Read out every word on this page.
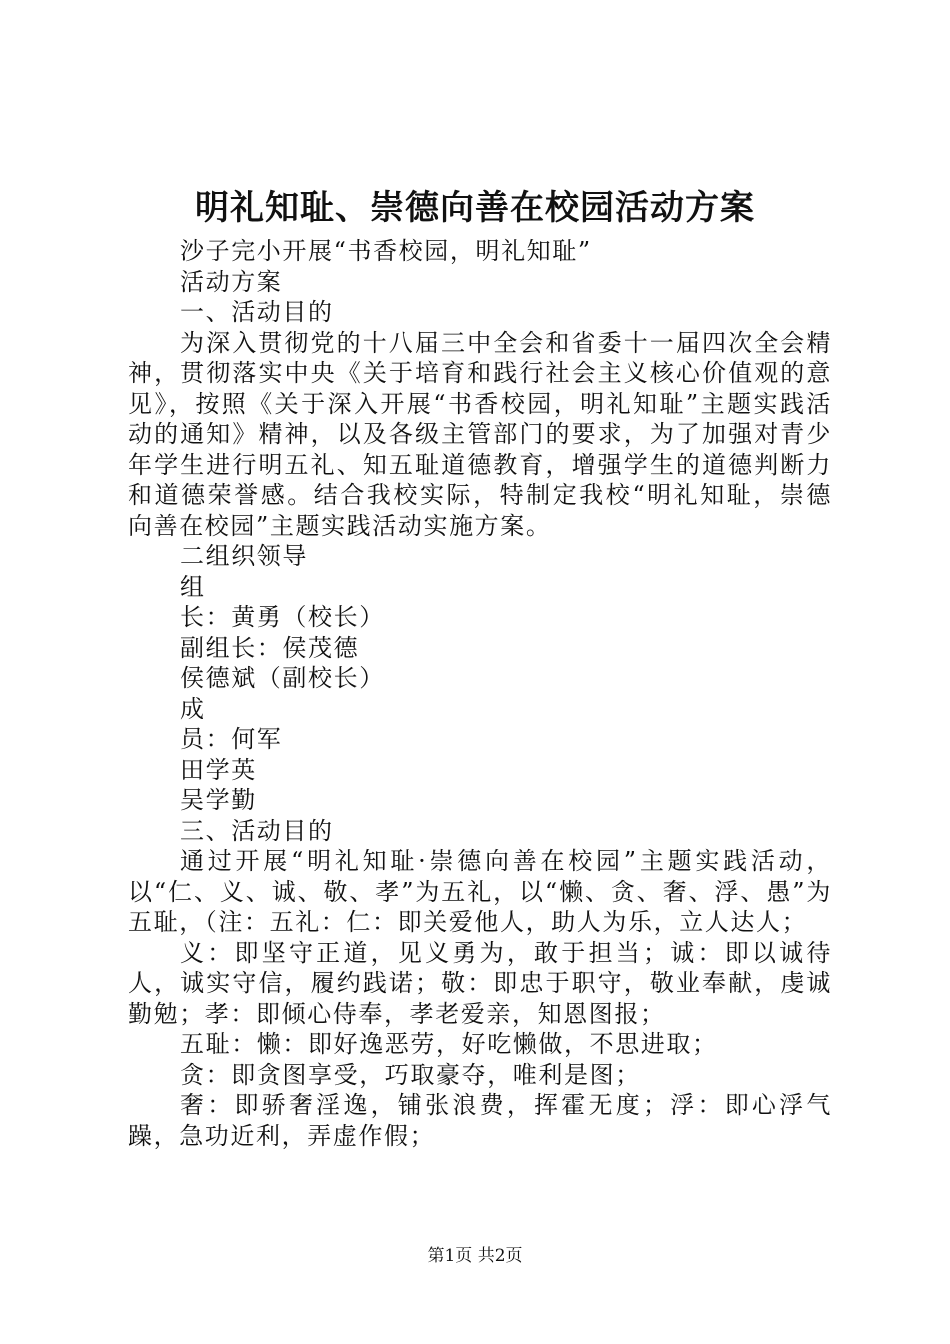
明礼知耻、崇德向善在校园活动方案

沙子完小开展“书香校园，明礼知耻”

活动方案

一、活动目的

为深入贯彻党的十八届三中全会和省委十一届四次全会精神，贯彻落实中央《关于培育和践行社会主义核心价值观的意见》，按照《关于深入开展“书香校园，明礼知耻”主题实践活动的通知》精神，以及各级主管部门的要求，为了加强对青少年学生进行明五礼、知五耻道德教育，增强学生的道德判断力和道德荣誉感。结合我校实际，特制定我校“明礼知耻，崇德向善在校园”主题实践活动实施方案。

二组织领导

组

长：黄勇（校长）

副组长：侯茂德

侯德斌（副校长）

成

员：何军

田学英

吴学勤

三、活动目的

通过开展“明礼知耻·崇德向善在校园”主题实践活动，以“仁、义、诚、敬、孝”为五礼，以“懒、贪、奢、浮、愚”为五耻，（注：五礼：仁：即关爱他人，助人为乐，立人达人；

义：即坚守正道，见义勇为，敢于担当；诚：即以诚待人，诚实守信，履约践诺；敬：即忠于职守，敬业奉献，虔诚勤勉；孝：即倾心侍奉，孝老爱亲，知恩图报；

五耻：懒：即好逸恶劳，好吃懒做，不思进取；

贪：即贪图享受，巧取豪夺，唯利是图；

奢：即骄奢淫逸，铺张浪费，挥霍无度；浮：即心浮气躁，急功近利，弄虚作假；

第1页 共2页
